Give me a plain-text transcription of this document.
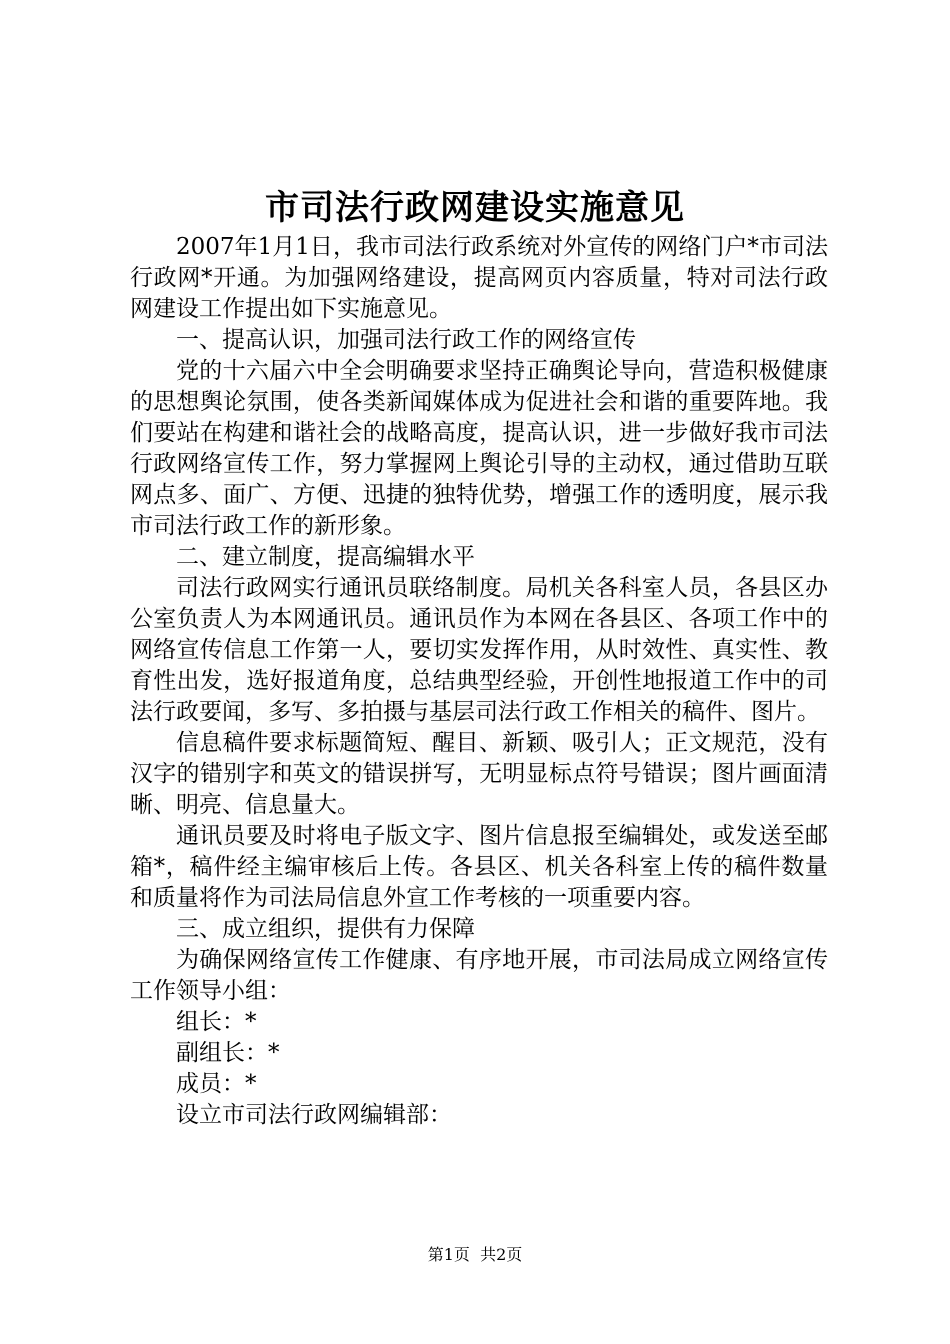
市司法行政网建设实施意见

2007年1月1日，我市司法行政系统对外宣传的网络门户*市司法行政网*开通。为加强网络建设，提高网页内容质量，特对司法行政网建设工作提出如下实施意见。

一、提高认识，加强司法行政工作的网络宣传

党的十六届六中全会明确要求坚持正确舆论导向，营造积极健康的思想舆论氛围，使各类新闻媒体成为促进社会和谐的重要阵地。我们要站在构建和谐社会的战略高度，提高认识，进一步做好我市司法行政网络宣传工作，努力掌握网上舆论引导的主动权，通过借助互联网点多、面广、方便、迅捷的独特优势，增强工作的透明度，展示我市司法行政工作的新形象。

二、建立制度，提高编辑水平

司法行政网实行通讯员联络制度。局机关各科室人员，各县区办公室负责人为本网通讯员。通讯员作为本网在各县区、各项工作中的网络宣传信息工作第一人，要切实发挥作用，从时效性、真实性、教育性出发，选好报道角度，总结典型经验，开创性地报道工作中的司法行政要闻，多写、多拍摄与基层司法行政工作相关的稿件、图片。

信息稿件要求标题简短、醒目、新颖、吸引人；正文规范，没有汉字的错别字和英文的错误拼写，无明显标点符号错误；图片画面清晰、明亮、信息量大。

通讯员要及时将电子版文字、图片信息报至编辑处，或发送至邮箱*，稿件经主编审核后上传。各县区、机关各科室上传的稿件数量和质量将作为司法局信息外宣工作考核的一项重要内容。

三、成立组织，提供有力保障

为确保网络宣传工作健康、有序地开展，市司法局成立网络宣传工作领导小组：

组长：*

副组长：*

成员：*

设立市司法行政网编辑部：

第1页  共2页
